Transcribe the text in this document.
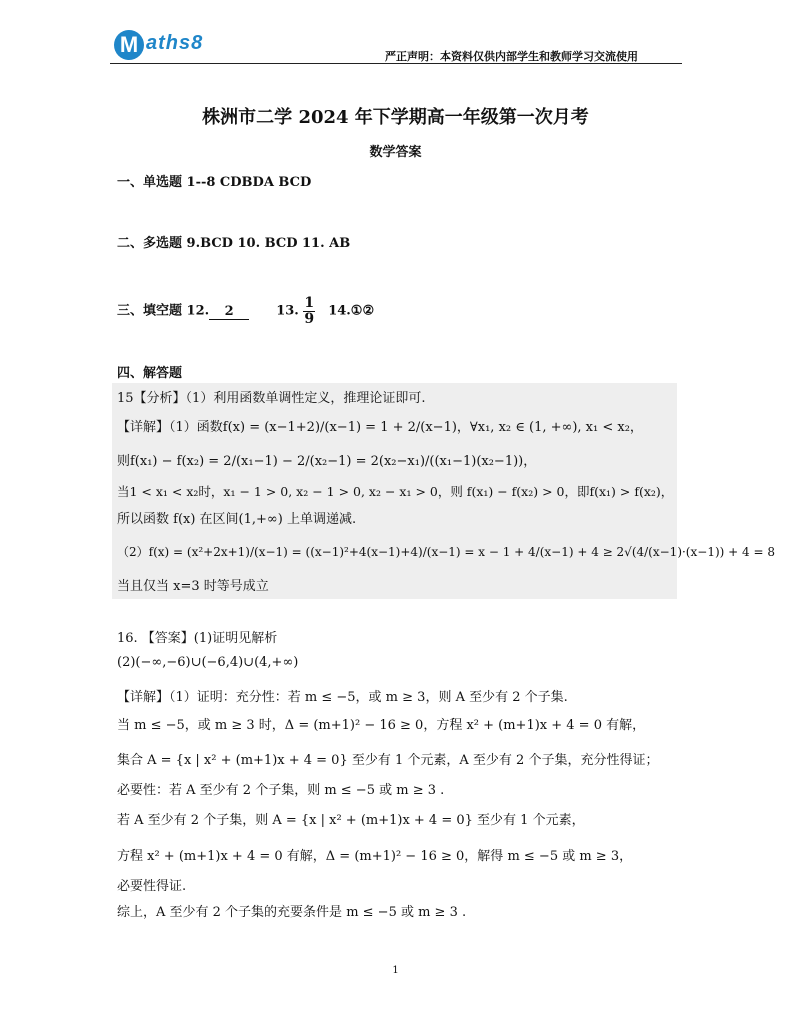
M aths8
严正声明：本资料仅供内部学生和教师学习交流使用
株洲市二学 2024 年下学期高一年级第一次月考
数学答案
一、单选题 1--8 CDBDA BCD
二、多选题 9.BCD 10. BCD 11. AB
三、填空题 12. 2	13. $\frac{1}{9}$ 14.①②
四、解答题
15【分析】（1）利用函数单调性定义，推理论证即可.
【详解】（1）函数f(x) = (x−1+2)/(x−1) = 1 + 2/(x−1)，∀x₁, x₂ ∈ (1, +∞), x₁ < x₂，
则f(x₁) − f(x₂) = 2/(x₁−1) − 2/(x₂−1) = 2(x₂−x₁)/((x₁−1)(x₂−1))，
当1 < x₁ < x₂时，x₁ − 1 > 0, x₂ − 1 > 0, x₂ − x₁ > 0，则 f(x₁) − f(x₂) > 0，即f(x₁) > f(x₂)，
所以函数 f(x) 在区间(1,+∞) 上单调递减.
（2）f(x) = (x²+2x+1)/(x−1) = ((x−1)²+4(x−1)+4)/(x−1) = x − 1 + 4/(x−1) + 4 ≥ 2√(4/(x−1)·(x−1)) + 4 = 8
当且仅当 x=3 时等号成立
16. 【答案】(1)证明见解析
(2)(−∞,−6)∪(−6,4)∪(4,+∞)
【详解】（1）证明：充分性：若 m ≤ −5，或 m ≥ 3，则 A 至少有 2 个子集.
当 m ≤ −5，或 m ≥ 3 时，Δ = (m+1)² − 16 ≥ 0，方程 x² + (m+1)x + 4 = 0 有解，
集合 A = {x | x² + (m+1)x + 4 = 0} 至少有 1 个元素，A 至少有 2 个子集，充分性得证；
必要性：若 A 至少有 2 个子集，则 m ≤ −5 或 m ≥ 3 .
若 A 至少有 2 个子集，则 A = {x | x² + (m+1)x + 4 = 0} 至少有 1 个元素，
方程 x² + (m+1)x + 4 = 0 有解，Δ = (m+1)² − 16 ≥ 0，解得 m ≤ −5 或 m ≥ 3，
必要性得证.
综上，A 至少有 2 个子集的充要条件是 m ≤ −5 或 m ≥ 3 .
1
